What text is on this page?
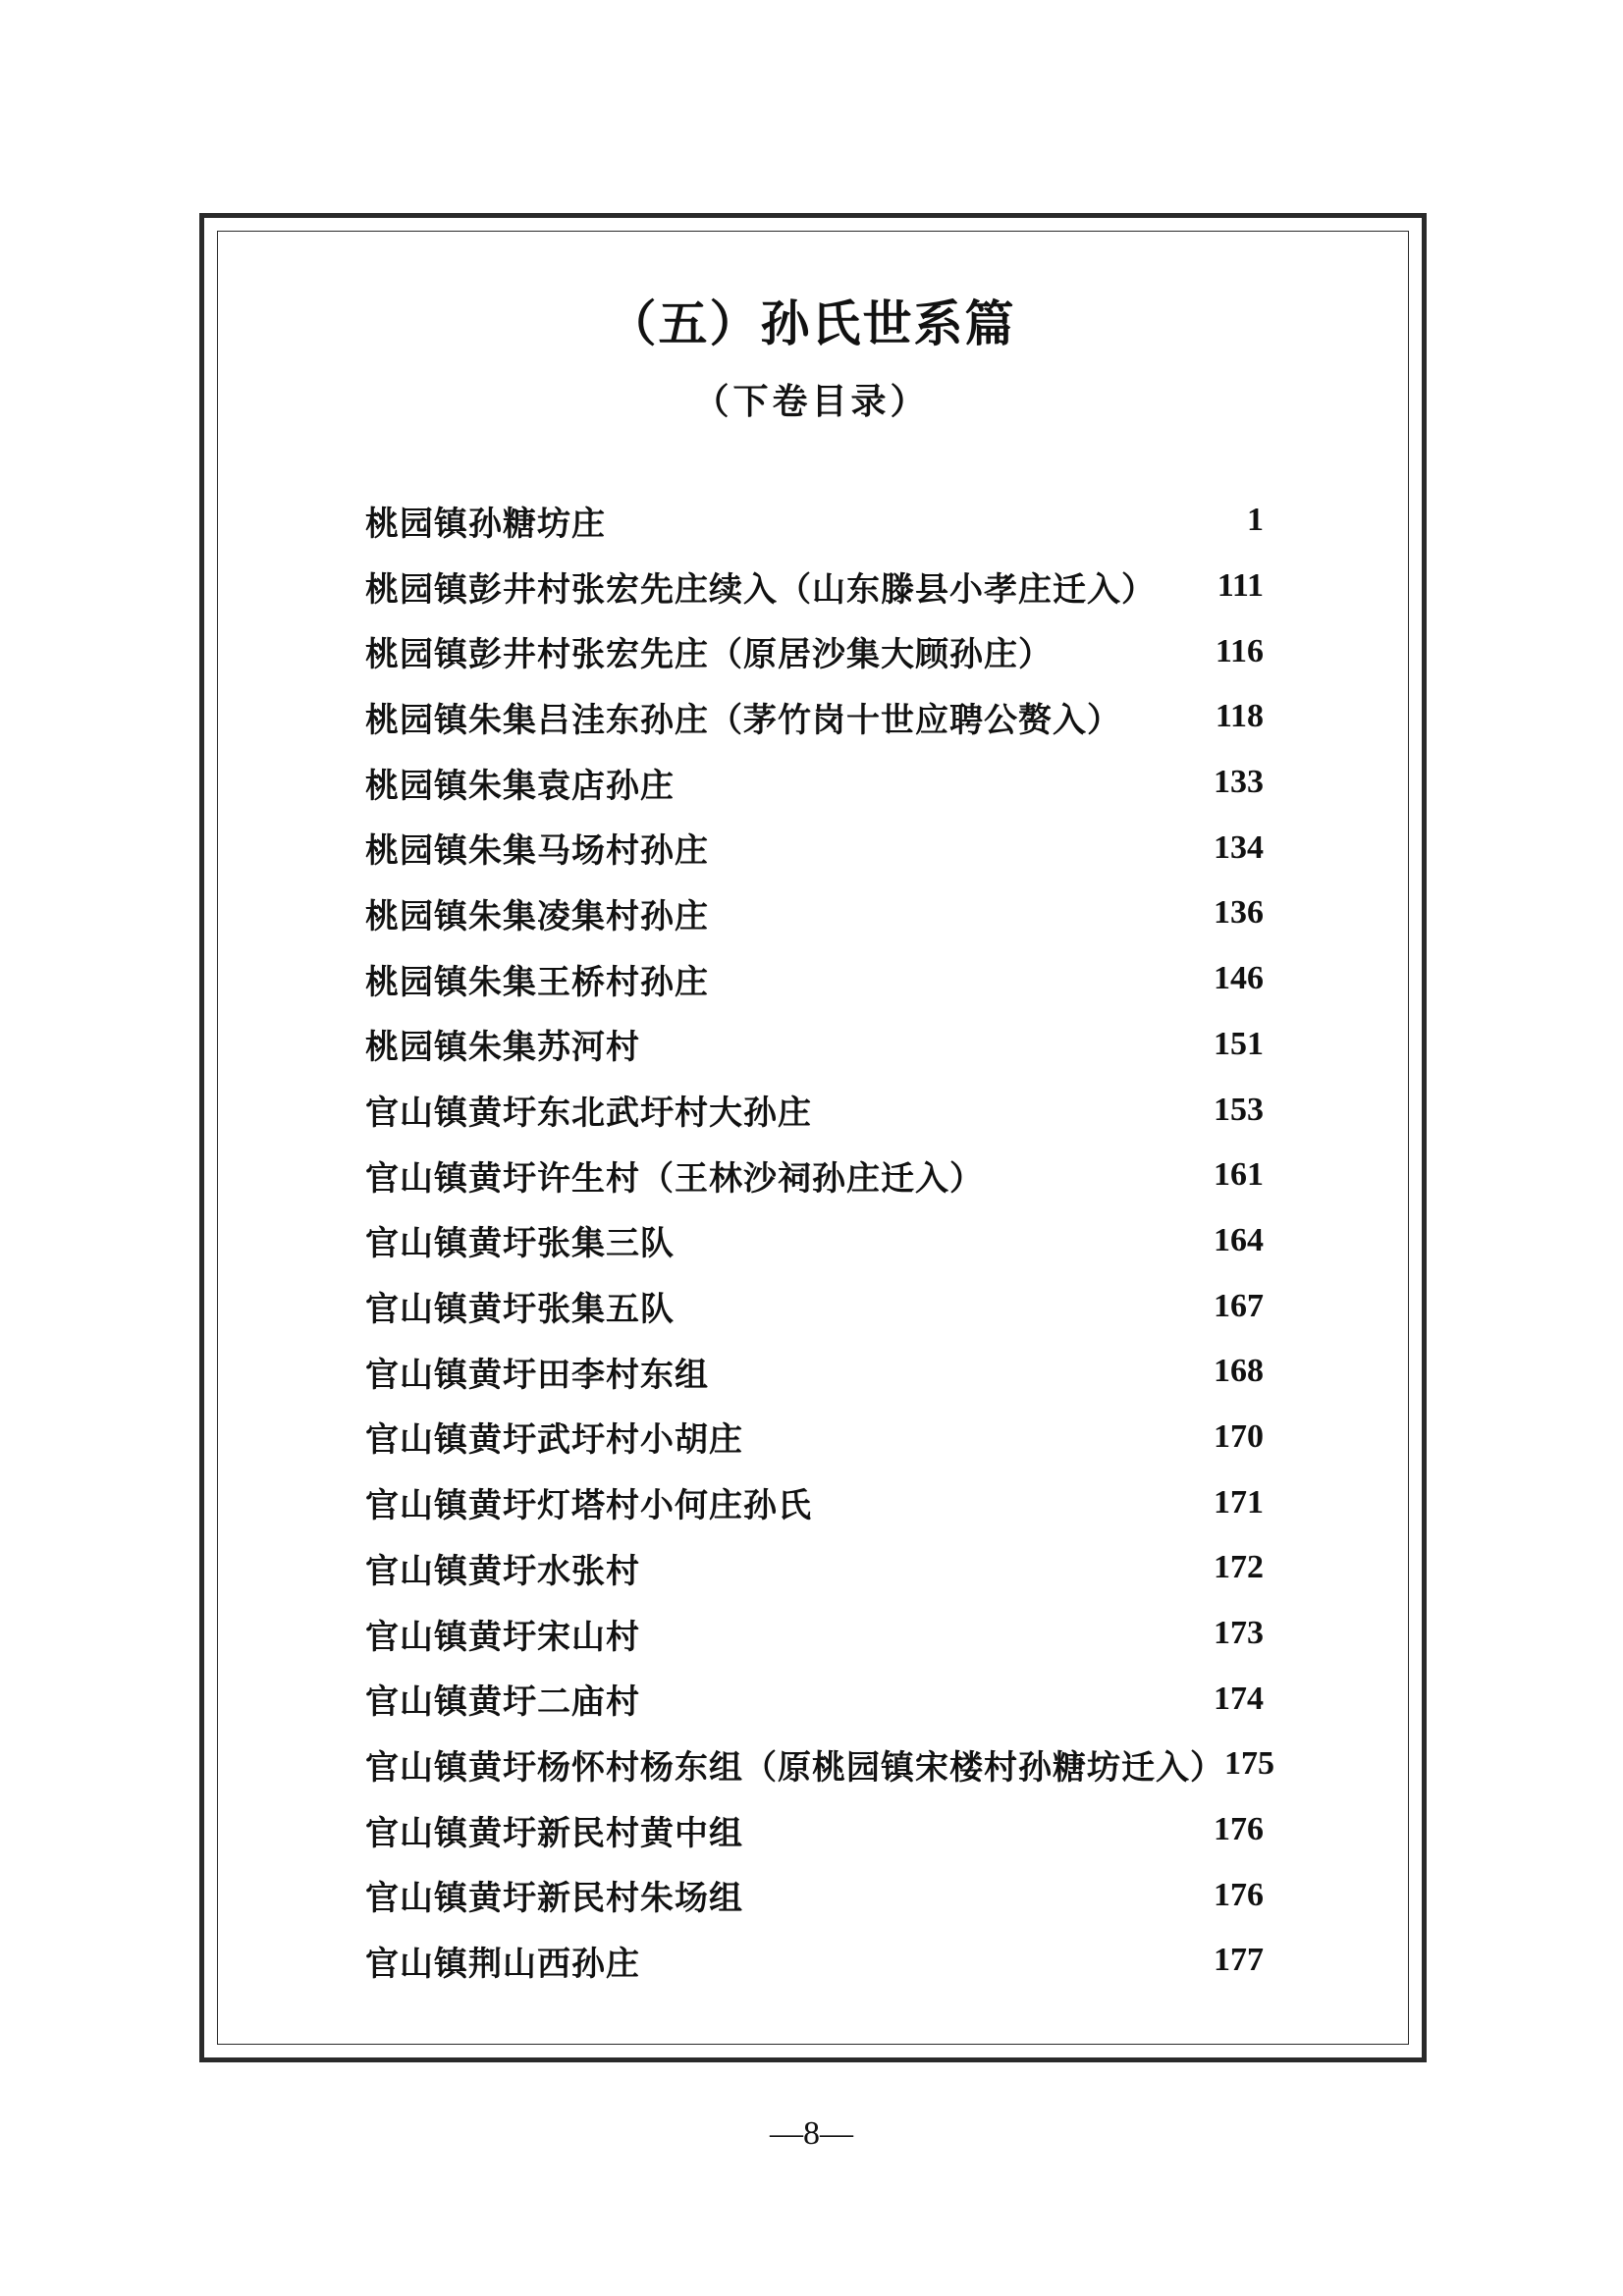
（五）孙氏世系篇
（下卷目录）
桃园镇孙糖坊庄	1
桃园镇彭井村张宏先庄续入（山东滕县小孝庄迁入） 111
桃园镇彭井村张宏先庄（原居沙集大顾孙庄）	116
桃园镇朱集吕洼东孙庄（茅竹岗十世应聘公赘入）	118
桃园镇朱集袁店孙庄	133
桃园镇朱集马场村孙庄	134
桃园镇朱集凌集村孙庄	136
桃园镇朱集王桥村孙庄	146
桃园镇朱集苏河村	151
官山镇黄圩东北武圩村大孙庄	153
官山镇黄圩许生村（王林沙祠孙庄迁入）	161
官山镇黄圩张集三队	164
官山镇黄圩张集五队	167
官山镇黄圩田李村东组	168
官山镇黄圩武圩村小胡庄	170
官山镇黄圩灯塔村小何庄孙氏	171
官山镇黄圩水张村	172
官山镇黄圩宋山村	173
官山镇黄圩二庙村	174
官山镇黄圩杨怀村杨东组（原桃园镇宋楼村孙糖坊迁入） 175
官山镇黄圩新民村黄中组	176
官山镇黄圩新民村朱场组	176
官山镇荆山西孙庄	177
—8—
